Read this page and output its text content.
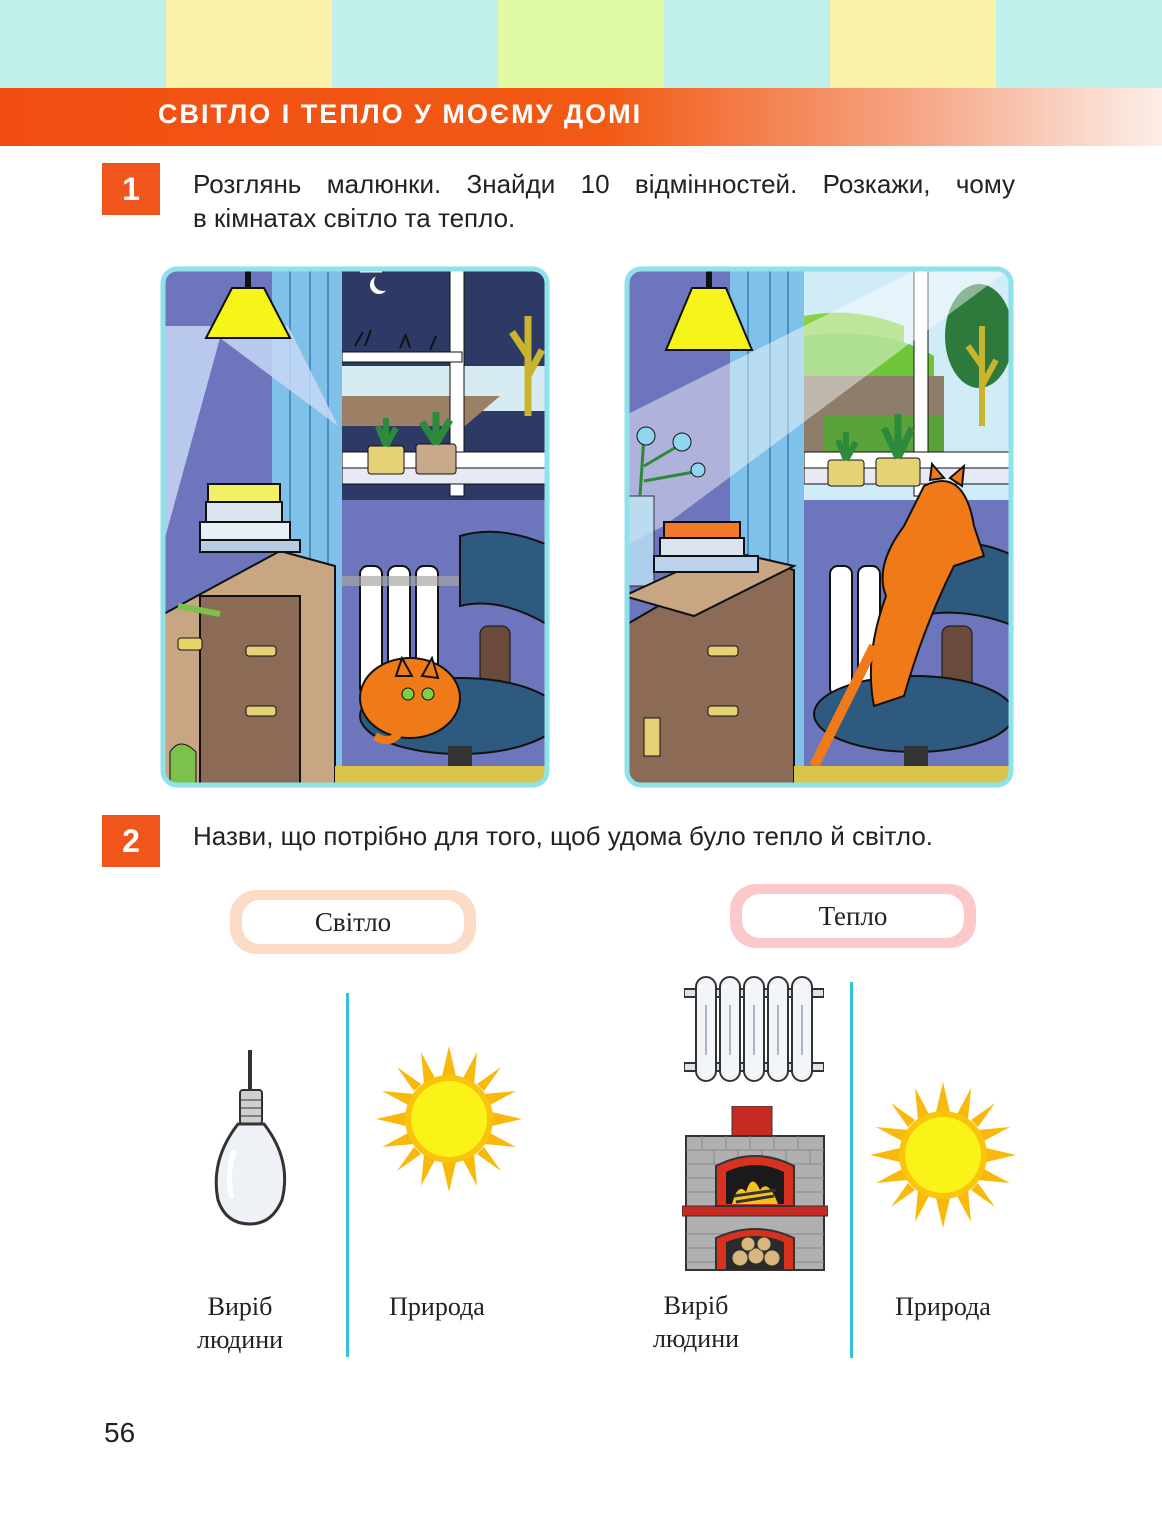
СВІТЛО І ТЕПЛО У МОЄМУ ДОМІ
1	Розглянь малюнки. Знайди 10 відмінностей. Розкажи, чому
в кімнатах світло та тепло.
2	Назви, що потрібно для того, щоб удома було тепло й світло.
Світло
Виріб
людини
Природа
Тепло
Виріб
людини
Природа
56
